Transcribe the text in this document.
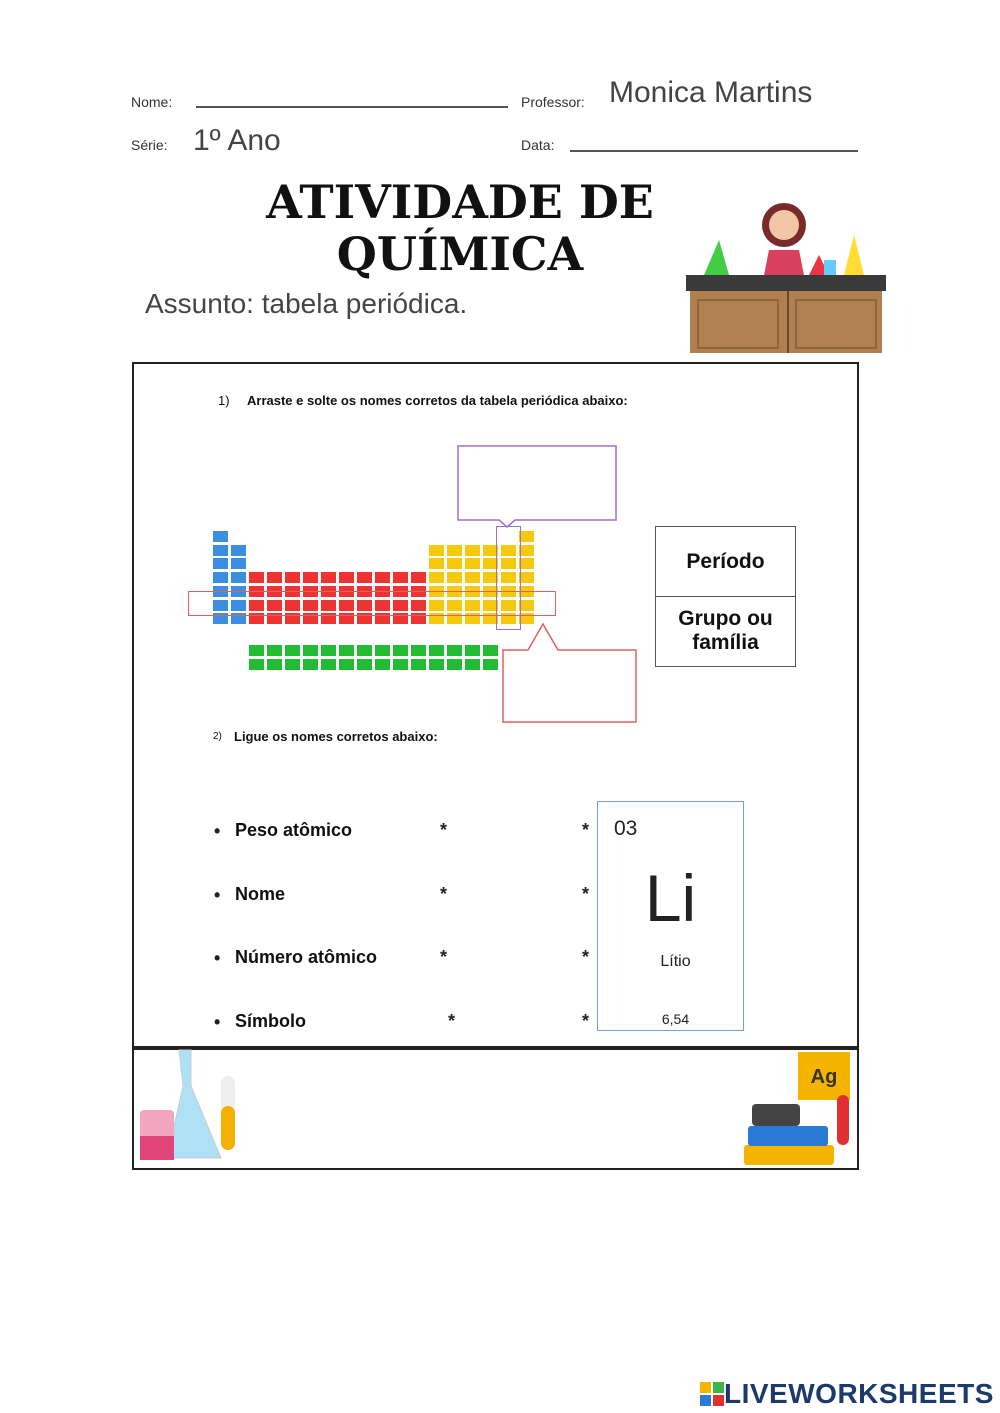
Nome:	Professor: Monica Martins
Série: 1º Ano	Data:
ATIVIDADE DE
QUÍMICA
Assunto: tabela periódica.
1) Arraste e solte os nomes corretos da tabela periódica abaixo:
Período
Grupo ou família
2) Ligue os nomes corretos abaixo:
• Peso atômico	*	*
• Nome	*	*
• Número atômico	*	*
• Símbolo	*	*
03
Li
Lítio
6,54
Ag
LIVEWORKSHEETS
